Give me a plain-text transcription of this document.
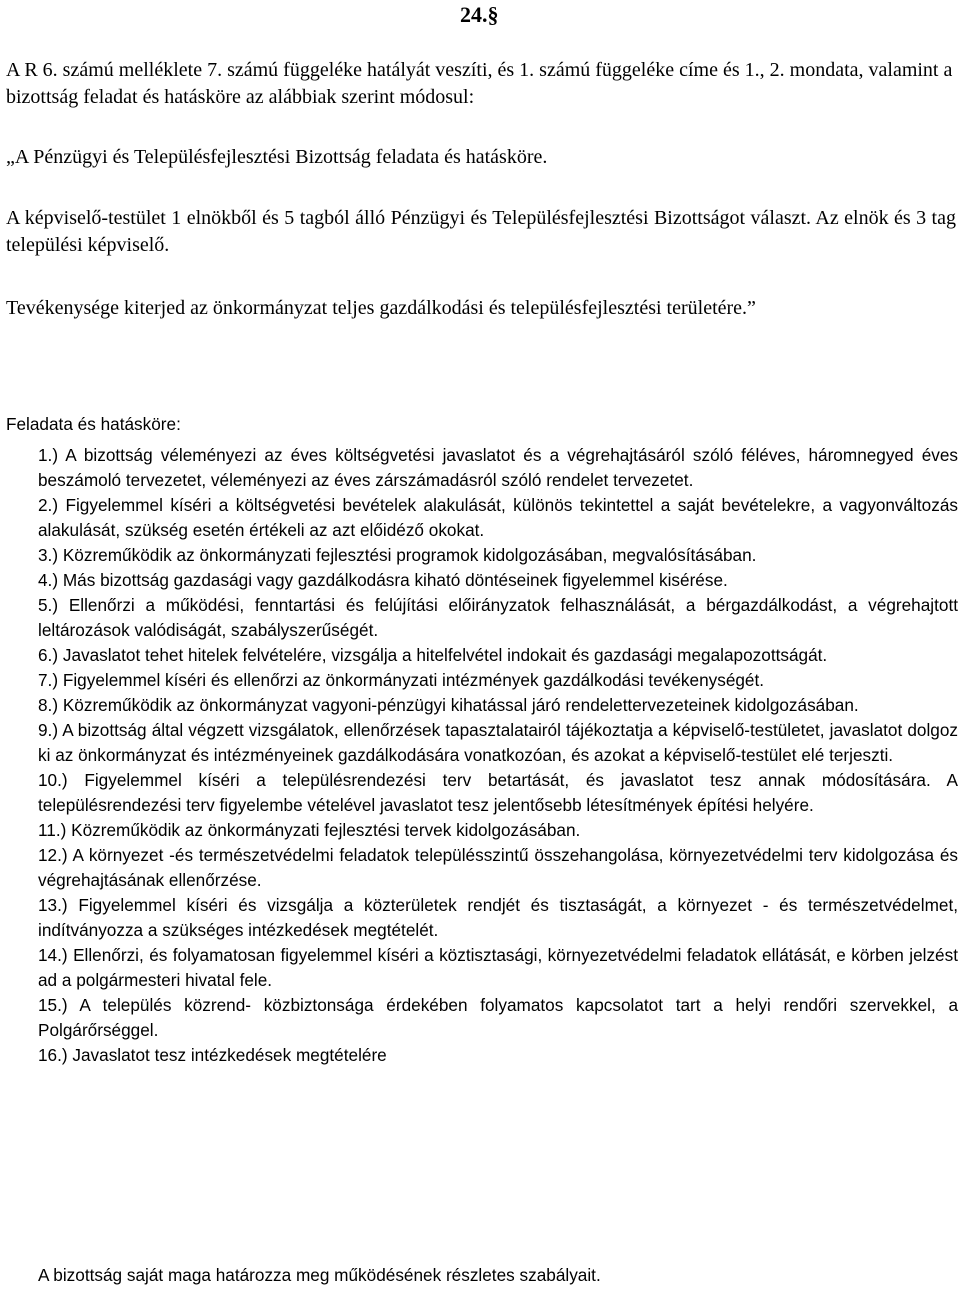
24.§
A R 6. számú melléklete 7. számú függeléke hatályát veszíti, és 1. számú függeléke címe és 1., 2. mondata, valamint a bizottság feladat és hatásköre az alábbiak szerint módosul:
„A Pénzügyi és Településfejlesztési Bizottság feladata és hatásköre.
A képviselő-testület 1 elnökből és 5 tagból álló Pénzügyi és Településfejlesztési Bizottságot választ. Az elnök és 3 tag települési képviselő.
Tevékenysége kiterjed az önkormányzat teljes gazdálkodási és településfejlesztési területére.”
Feladata és hatásköre:
1.) A bizottság véleményezi az éves költségvetési javaslatot és a végrehajtásáról szóló féléves, háromnegyed éves beszámoló tervezetet, véleményezi az éves zárszámadásról szóló rendelet tervezetet.
2.) Figyelemmel kíséri a költségvetési bevételek alakulását, különös tekintettel a saját bevételekre, a vagyonváltozás alakulását, szükség esetén értékeli az azt előidéző okokat.
3.) Közreműködik az önkormányzati fejlesztési programok kidolgozásában, megvalósításában.
4.) Más bizottság gazdasági vagy gazdálkodásra kiható döntéseinek figyelemmel kisérése.
5.) Ellenőrzi a működési, fenntartási és felújítási előirányzatok felhasználását, a bérgazdálkodást, a végrehajtott leltározások valódiságát, szabályszerűségét.
6.) Javaslatot tehet hitelek felvételére, vizsgálja a hitelfelvétel indokait és gazdasági megalapozottságát.
7.) Figyelemmel kíséri és ellenőrzi az önkormányzati intézmények gazdálkodási tevékenységét.
8.) Közreműködik az önkormányzat vagyoni-pénzügyi kihatással járó rendelettervezeteinek kidolgozásában.
9.) A bizottság által végzett vizsgálatok, ellenőrzések tapasztalatairól tájékoztatja a képviselő-testületet, javaslatot dolgoz ki az önkormányzat és intézményeinek gazdálkodására vonatkozóan, és azokat a képviselő-testület elé terjeszti.
10.) Figyelemmel kíséri a településrendezési terv betartását, és javaslatot tesz annak módosítására. A településrendezési terv figyelembe vételével javaslatot tesz jelentősebb létesítmények építési helyére.
11.) Közreműködik az önkormányzati fejlesztési tervek kidolgozásában.
12.) A környezet -és természetvédelmi feladatok településszintű összehangolása, környezetvédelmi terv kidolgozása és végrehajtásának ellenőrzése.
13.) Figyelemmel kíséri és vizsgálja a közterületek rendjét és tisztaságát, a környezet - és természetvédelmet, indítványozza a szükséges intézkedések megtételét.
14.) Ellenőrzi, és folyamatosan figyelemmel kíséri a köztisztasági, környezetvédelmi feladatok ellátását, e körben jelzést ad a polgármesteri hivatal fele.
15.) A település közrend- közbiztonsága érdekében folyamatos kapcsolatot tart a helyi rendőri szervekkel, a Polgárőrséggel.
16.) Javaslatot tesz intézkedések megtételére
A bizottság saját maga határozza meg működésének részletes szabályait.
